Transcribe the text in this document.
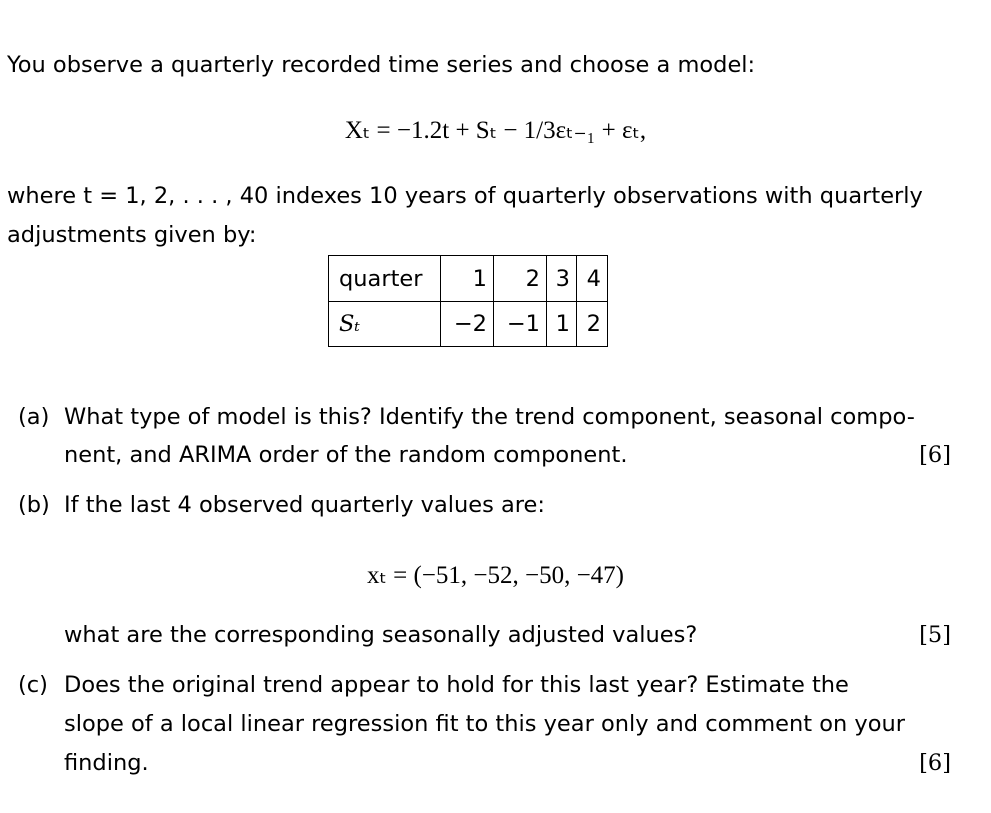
You observe a quarterly recorded time series and choose a model:
Xₜ = −1.2t + Sₜ − 1/3εₜ₋₁ + εₜ,
where t = 1, 2, . . . , 40 indexes 10 years of quarterly observations with quarterly
adjustments given by:
quarter	1	2	3	4
Sₜ	−2	−1	1	2
(a) What type of model is this? Identify the trend component, seasonal compo-
nent, and ARIMA order of the random component.	[6]
(b) If the last 4 observed quarterly values are:
xₜ = (−51, −52, −50, −47)
what are the corresponding seasonally adjusted values?	[5]
(c) Does the original trend appear to hold for this last year? Estimate the
slope of a local linear regression fit to this year only and comment on your
finding.	[6]
